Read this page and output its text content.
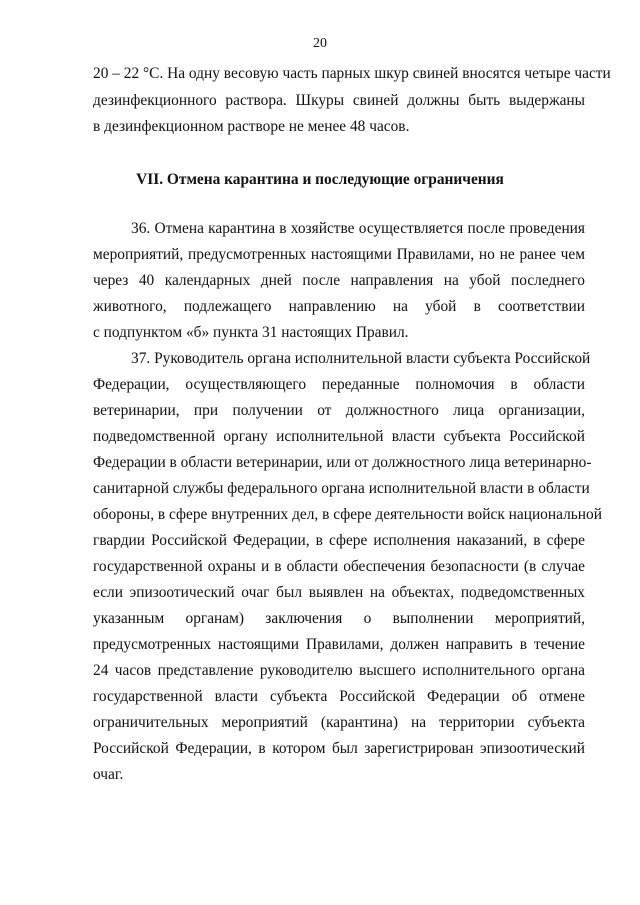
20
20 – 22 °С. На одну весовую часть парных шкур свиней вносятся четыре части
дезинфекционного раствора. Шкуры свиней должны быть выдержаны
в дезинфекционном растворе не менее 48 часов.
VII. Отмена карантина и последующие ограничения
36. Отмена карантина в хозяйстве осуществляется после проведения
мероприятий, предусмотренных настоящими Правилами, но не ранее чем
через 40 календарных дней после направления на убой последнего
животного, подлежащего направлению на убой в соответствии
с подпунктом «б» пункта 31 настоящих Правил.
37. Руководитель органа исполнительной власти субъекта Российской
Федерации, осуществляющего переданные полномочия в области
ветеринарии, при получении от должностного лица организации,
подведомственной органу исполнительной власти субъекта Российской
Федерации в области ветеринарии, или от должностного лица ветеринарно-
санитарной службы федерального органа исполнительной власти в области
обороны, в сфере внутренних дел, в сфере деятельности войск национальной
гвардии Российской Федерации, в сфере исполнения наказаний, в сфере
государственной охраны и в области обеспечения безопасности (в случае
если эпизоотический очаг был выявлен на объектах, подведомственных
указанным органам) заключения о выполнении мероприятий,
предусмотренных настоящими Правилами, должен направить в течение
24 часов представление руководителю высшего исполнительного органа
государственной власти субъекта Российской Федерации об отмене
ограничительных мероприятий (карантина) на территории субъекта
Российской Федерации, в котором был зарегистрирован эпизоотический
очаг.
